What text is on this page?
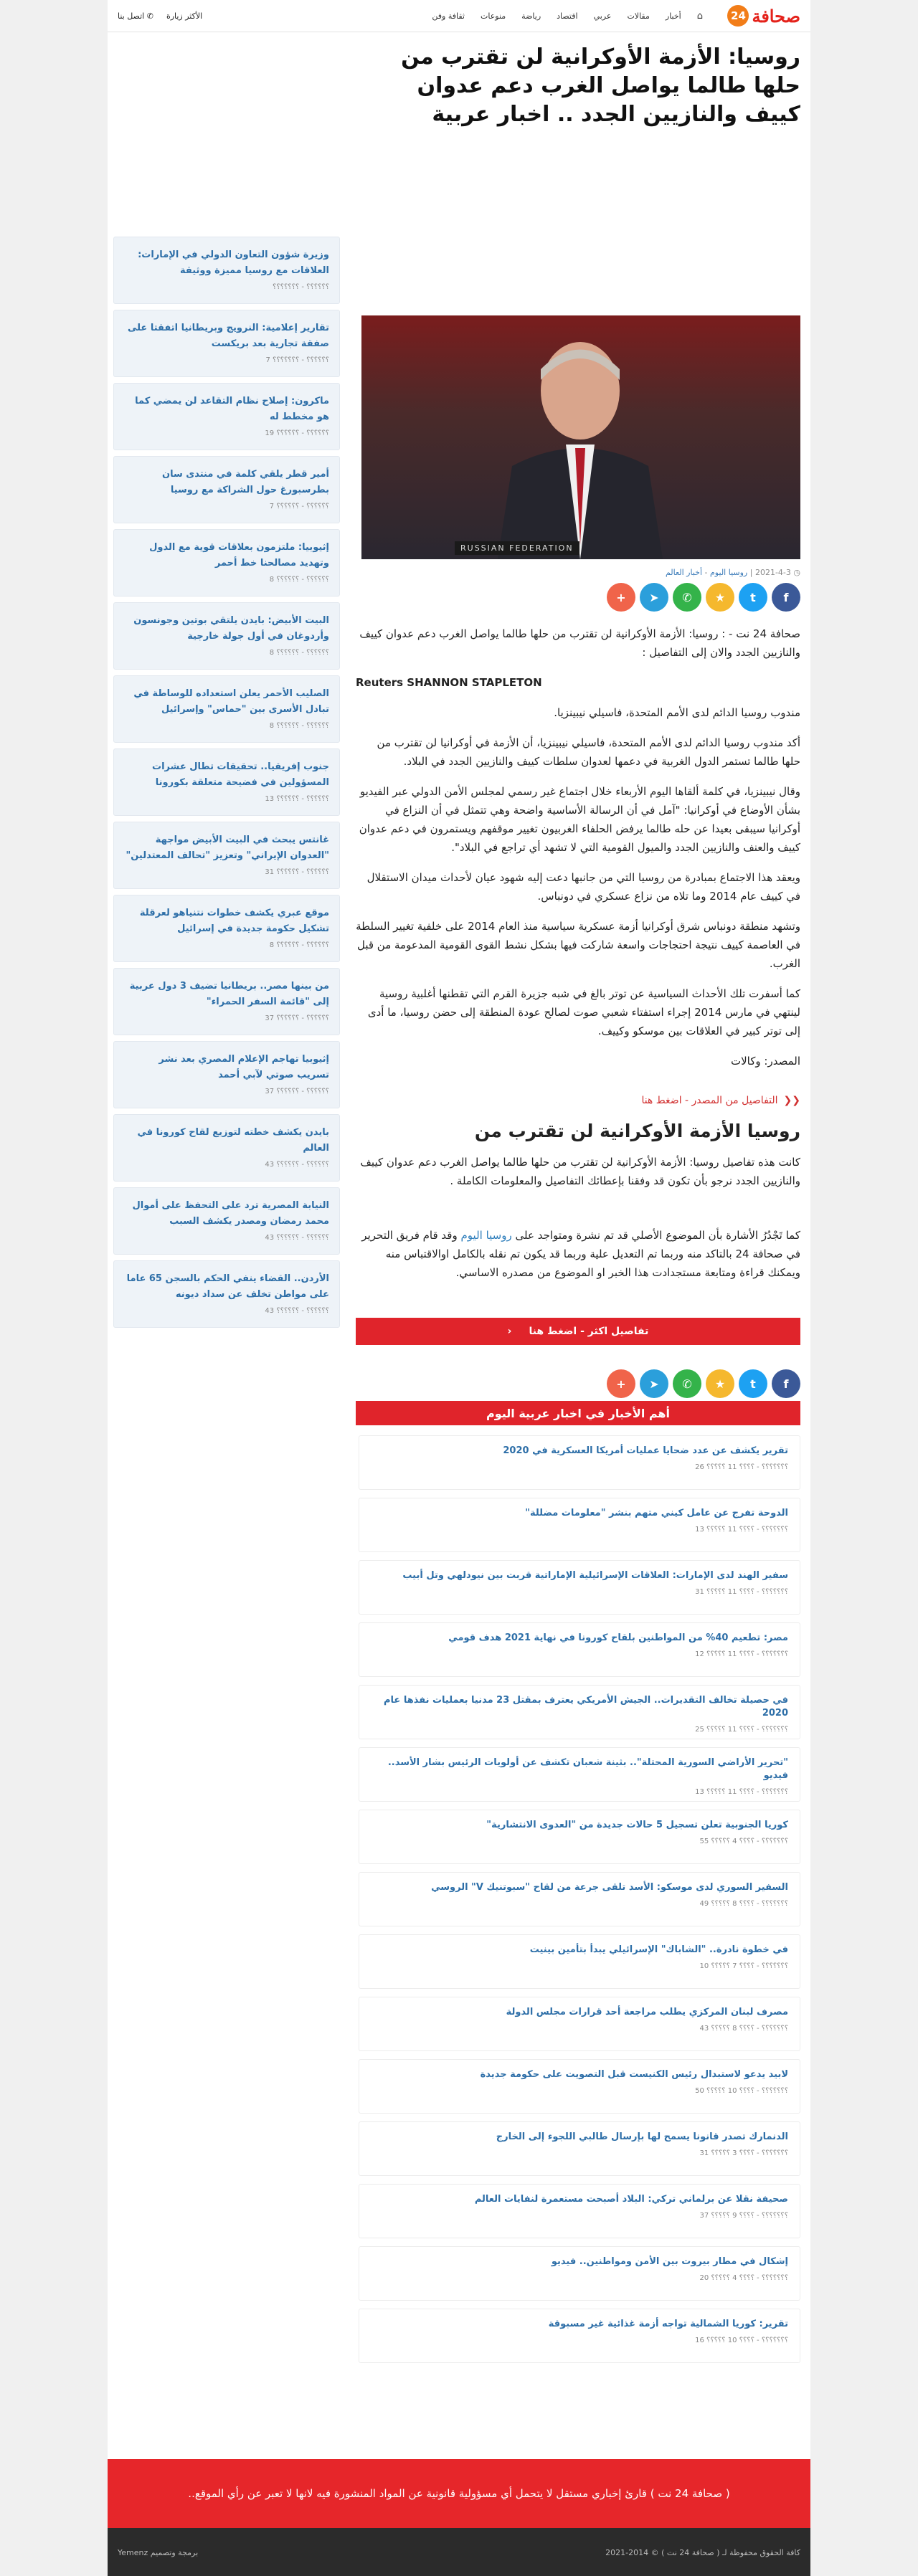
صحافة
24
⌂
أخبار
مقالات
عربي
اقتصاد
رياضة
منوعات
ثقافة وفن
الأكثر زيارة
✆ اتصل بنا
روسيا: الأزمة الأوكرانية لن تقترب من حلها طالما يواصل الغرب دعم عدوان كييف والنازيين الجدد .. اخبار عربية
RUSSIAN FEDERATION
◷ 2021-4-3 | روسيا اليوم - أخبار العالم
f
t
★
✆
➤
+

صحافة 24 نت - : روسيا: الأزمة الأوكرانية لن تقترب من حلها طالما يواصل الغرب دعم عدوان كييف والنازيين الجدد والان إلى التفاصيل :

Reuters SHANNON STAPLETON

مندوب روسيا الدائم لدى الأمم المتحدة، فاسيلي نيبينزيا.

أكد مندوب روسيا الدائم لدى الأمم المتحدة، فاسيلي نيبينزيا، أن الأزمة في أوكرانيا لن تقترب من حلها طالما تستمر الدول الغربية في دعمها لعدوان سلطات كييف والنازيين الجدد في البلاد.

وقال نيبينزيا، في كلمة ألقاها اليوم الأربعاء خلال اجتماع غير رسمي لمجلس الأمن الدولي عبر الفيديو بشأن الأوضاع في أوكرانيا: "آمل في أن الرسالة الأساسية واضحة وهي تتمثل في أن النزاع في أوكرانيا سيبقى بعيدا عن حله طالما يرفض الحلفاء الغربيون تغيير موقفهم ويستمرون في دعم عدوان كييف والعنف والنازيين الجدد والميول القومية التي لا تشهد أي تراجع في البلاد".

ويعقد هذا الاجتماع بمبادرة من روسيا التي من جانبها دعت إليه شهود عيان لأحداث ميدان الاستقلال في كييف عام 2014 وما تلاه من نزاع عسكري في دونباس.

وتشهد منطقة دونباس شرق أوكرانيا أزمة عسكرية سياسية منذ العام 2014 على خلفية تغيير السلطة في العاصمة كييف نتيجة احتجاجات واسعة شاركت فيها بشكل نشط القوى القومية المدعومة من قبل الغرب.

كما أسفرت تلك الأحداث السياسية عن توتر بالغ في شبه جزيرة القرم التي تقطنها أغلبية روسية لينتهي في مارس 2014 إجراء استفتاء شعبي صوت لصالح عودة المنطقة إلى حضن روسيا، ما أدى إلى توتر كبير في العلاقات بين موسكو وكييف.

المصدر: وكالات

❮❮
التفاصيل من المصدر - اضغط هنا
روسيا الأزمة الأوكرانية لن تقترب من

كانت هذه تفاصيل روسيا: الأزمة الأوكرانية لن تقترب من حلها طالما يواصل الغرب دعم عدوان كييف والنازيين الجدد نرجو بأن تكون قد وفقنا بإعطائك التفاصيل والمعلومات الكاملة .

كما تَجْدُرُ الأشارة بأن الموضوع الأصلي قد تم نشرة ومتواجد على روسيا اليوم وقد قام فريق التحرير في صحافة 24 بالتاكد منه وربما تم التعديل علية وربما قد يكون تم نقله بالكامل اوالاقتباس منه ويمكنك قراءة ومتابعة مستجدادت هذا الخبر او الموضوع من مصدره الاساسي.

تفاصيل اكثر - اضغط هنا
‹
f
t
★
✆
➤
+
أهم الأخبار في اخبار عربية اليوم
تقرير يكشف عن عدد ضحايا عمليات أمريكا العسكرية في 2020
؟؟؟؟؟؟؟ - ؟؟؟؟ 11 ؟؟؟؟؟ 26
الدوحة تفرج عن عامل كيني متهم بنشر "معلومات مضللة"
؟؟؟؟؟؟؟ - ؟؟؟؟ 11 ؟؟؟؟؟ 13
سفير الهند لدى الإمارات: العلاقات الإسرائيلية الإماراتية قربت بين نيودلهي وتل أبيب
؟؟؟؟؟؟؟ - ؟؟؟؟ 11 ؟؟؟؟؟ 31
مصر: تطعيم 40% من المواطنين بلقاح كورونا في نهاية 2021 هدف قومي
؟؟؟؟؟؟؟ - ؟؟؟؟ 11 ؟؟؟؟؟ 12
في حصيلة تخالف التقديرات.. الجيش الأمريكي يعترف بمقتل 23 مدنيا بعمليات نفذها عام 2020
؟؟؟؟؟؟؟ - ؟؟؟؟ 11 ؟؟؟؟؟ 25
"تحرير الأراضي السورية المحتلة".. بثينة شعبان تكشف عن أولويات الرئيس بشار الأسد.. فيديو
؟؟؟؟؟؟؟ - ؟؟؟؟ 11 ؟؟؟؟؟ 13
كوريا الجنوبية تعلن تسجيل 5 حالات جديدة من "العدوى الانتشارية"
؟؟؟؟؟؟؟ - ؟؟؟؟ 4 ؟؟؟؟؟ 55
السفير السوري لدى موسكو: الأسد تلقى جرعة من لقاح "سبوتنيك V" الروسي
؟؟؟؟؟؟؟ - ؟؟؟؟ 8 ؟؟؟؟؟ 49
في خطوة نادرة.. "الشاباك" الإسرائيلي يبدأ بتأمين بينيت
؟؟؟؟؟؟؟ - ؟؟؟؟ 7 ؟؟؟؟؟ 10
مصرف لبنان المركزي يطلب مراجعة أحد قرارات مجلس الدولة
؟؟؟؟؟؟؟ - ؟؟؟؟ 8 ؟؟؟؟؟ 43
لابيد يدعو لاستبدال رئيس الكنيست قبل التصويت على حكومة جديدة
؟؟؟؟؟؟؟ - ؟؟؟؟ 10 ؟؟؟؟؟ 50
الدنمارك تصدر قانونا يسمح لها بإرسال طالبي اللجوء إلى الخارج
؟؟؟؟؟؟؟ - ؟؟؟؟ 3 ؟؟؟؟؟ 31
صحيفة نقلا عن برلماني تركي: البلاد أصبحت مستعمرة لنفايات العالم
؟؟؟؟؟؟؟ - ؟؟؟؟ 9 ؟؟؟؟؟ 37
إشكال في مطار بيروت بين الأمن ومواطنين.. فيديو
؟؟؟؟؟؟؟ - ؟؟؟؟ 4 ؟؟؟؟؟ 20
تقرير: كوريا الشمالية تواجه أزمة غذائية غير مسبوقة
؟؟؟؟؟؟؟ - ؟؟؟؟ 10 ؟؟؟؟؟ 16
وزيرة شؤون التعاون الدولي في الإمارات: العلاقات مع روسيا مميزة ووثيقة
؟؟؟؟؟؟ - ؟؟؟؟؟؟؟
تقارير إعلامية: النرويج وبريطانيا اتفقتا على صفقة تجارية بعد بريكست
؟؟؟؟؟؟ - ؟؟؟؟؟؟؟ 7
ماكرون: إصلاح نظام التقاعد لن يمضي كما هو مخطط له
؟؟؟؟؟؟ - ؟؟؟؟؟؟ 19
أمير قطر يلقي كلمة في منتدى سان بطرسبورغ حول الشراكة مع روسيا
؟؟؟؟؟؟ - ؟؟؟؟؟؟ 7
إثيوبيا: ملتزمون بعلاقات قوية مع الدول وتهديد مصالحنا خط أحمر
؟؟؟؟؟؟ - ؟؟؟؟؟؟ 8
البيت الأبيض: بايدن يلتقي بوتين وجونسون وأردوغان في أول جولة خارجية
؟؟؟؟؟؟ - ؟؟؟؟؟؟ 8
الصليب الأحمر يعلن استعداده للوساطة في تبادل الأسرى بين "حماس" وإسرائيل
؟؟؟؟؟؟ - ؟؟؟؟؟؟ 8
جنوب إفريقيا.. تحقيقات تطال عشرات المسؤولين في فضيحة متعلقة بكورونا
؟؟؟؟؟؟ - ؟؟؟؟؟؟ 13
غانتس يبحث في البيت الأبيض مواجهة "العدوان الإيراني" وتعزيز "تحالف المعتدلين"
؟؟؟؟؟؟ - ؟؟؟؟؟؟ 31
موقع عبري يكشف خطوات نتنياهو لعرقلة تشكيل حكومة جديدة في إسرائيل
؟؟؟؟؟؟ - ؟؟؟؟؟؟ 8
من بينها مصر.. بريطانيا تضيف 3 دول عربية إلى "قائمة السفر الحمراء"
؟؟؟؟؟؟ - ؟؟؟؟؟؟ 37
إثيوبيا تهاجم الإعلام المصري بعد نشر تسريب صوتي لآبي أحمد
؟؟؟؟؟؟ - ؟؟؟؟؟؟ 37
بايدن يكشف خطته لتوزيع لقاح كورونا في العالم
؟؟؟؟؟؟ - ؟؟؟؟؟؟ 43
النيابة المصرية ترد على التحفظ على أموال محمد رمضان ومصدر يكشف السبب
؟؟؟؟؟؟ - ؟؟؟؟؟؟ 43
الأردن.. القضاء ينفي الحكم بالسجن 65 عاما على مواطن تخلف عن سداد ديونه
؟؟؟؟؟؟ - ؟؟؟؟؟؟ 43
( صحافة 24 نت ) قارئ إخباري مستقل لا يتحمل أي مسؤولية قانونية عن المواد المنشورة فيه لانها لا تعبر عن رأي الموقع..
كافة الحقوق محفوظة لـ ( صحافة 24 نت ) © 2014-2021
برمجة وتصميم Yemenz
